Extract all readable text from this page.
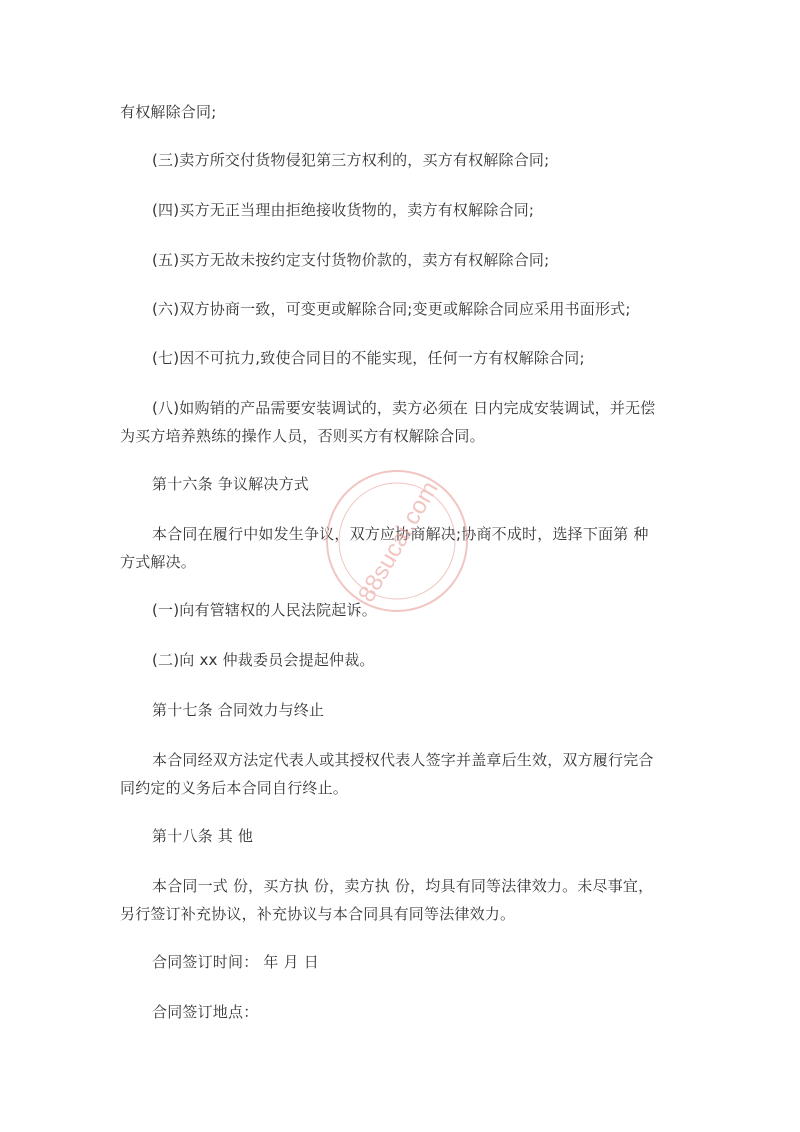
有权解除合同;
(三)卖方所交付货物侵犯第三方权利的，买方有权解除合同;
(四)买方无正当理由拒绝接收货物的，卖方有权解除合同;
(五)买方无故未按约定支付货物价款的，卖方有权解除合同;
(六)双方协商一致，可变更或解除合同;变更或解除合同应采用书面形式;
(七)因不可抗力,致使合同目的不能实现，任何一方有权解除合同;
(八)如购销的产品需要安装调试的，卖方必须在 日内完成安装调试，并无偿
为买方培养熟练的操作人员，否则买方有权解除合同。
第十六条 争议解决方式
本合同在履行中如发生争议，双方应协商解决;协商不成时，选择下面第 种
方式解决。
(一)向有管辖权的人民法院起诉。
(二)向 xx 仲裁委员会提起仲裁。
第十七条 合同效力与终止
本合同经双方法定代表人或其授权代表人签字并盖章后生效，双方履行完合
同约定的义务后本合同自行终止。
第十八条 其 他
本合同一式 份，买方执 份，卖方执 份，均具有同等法律效力。未尽事宜，
另行签订补充协议，补充协议与本合同具有同等法律效力。
合同签订时间： 年 月 日
合同签订地点：
88sucai.com
